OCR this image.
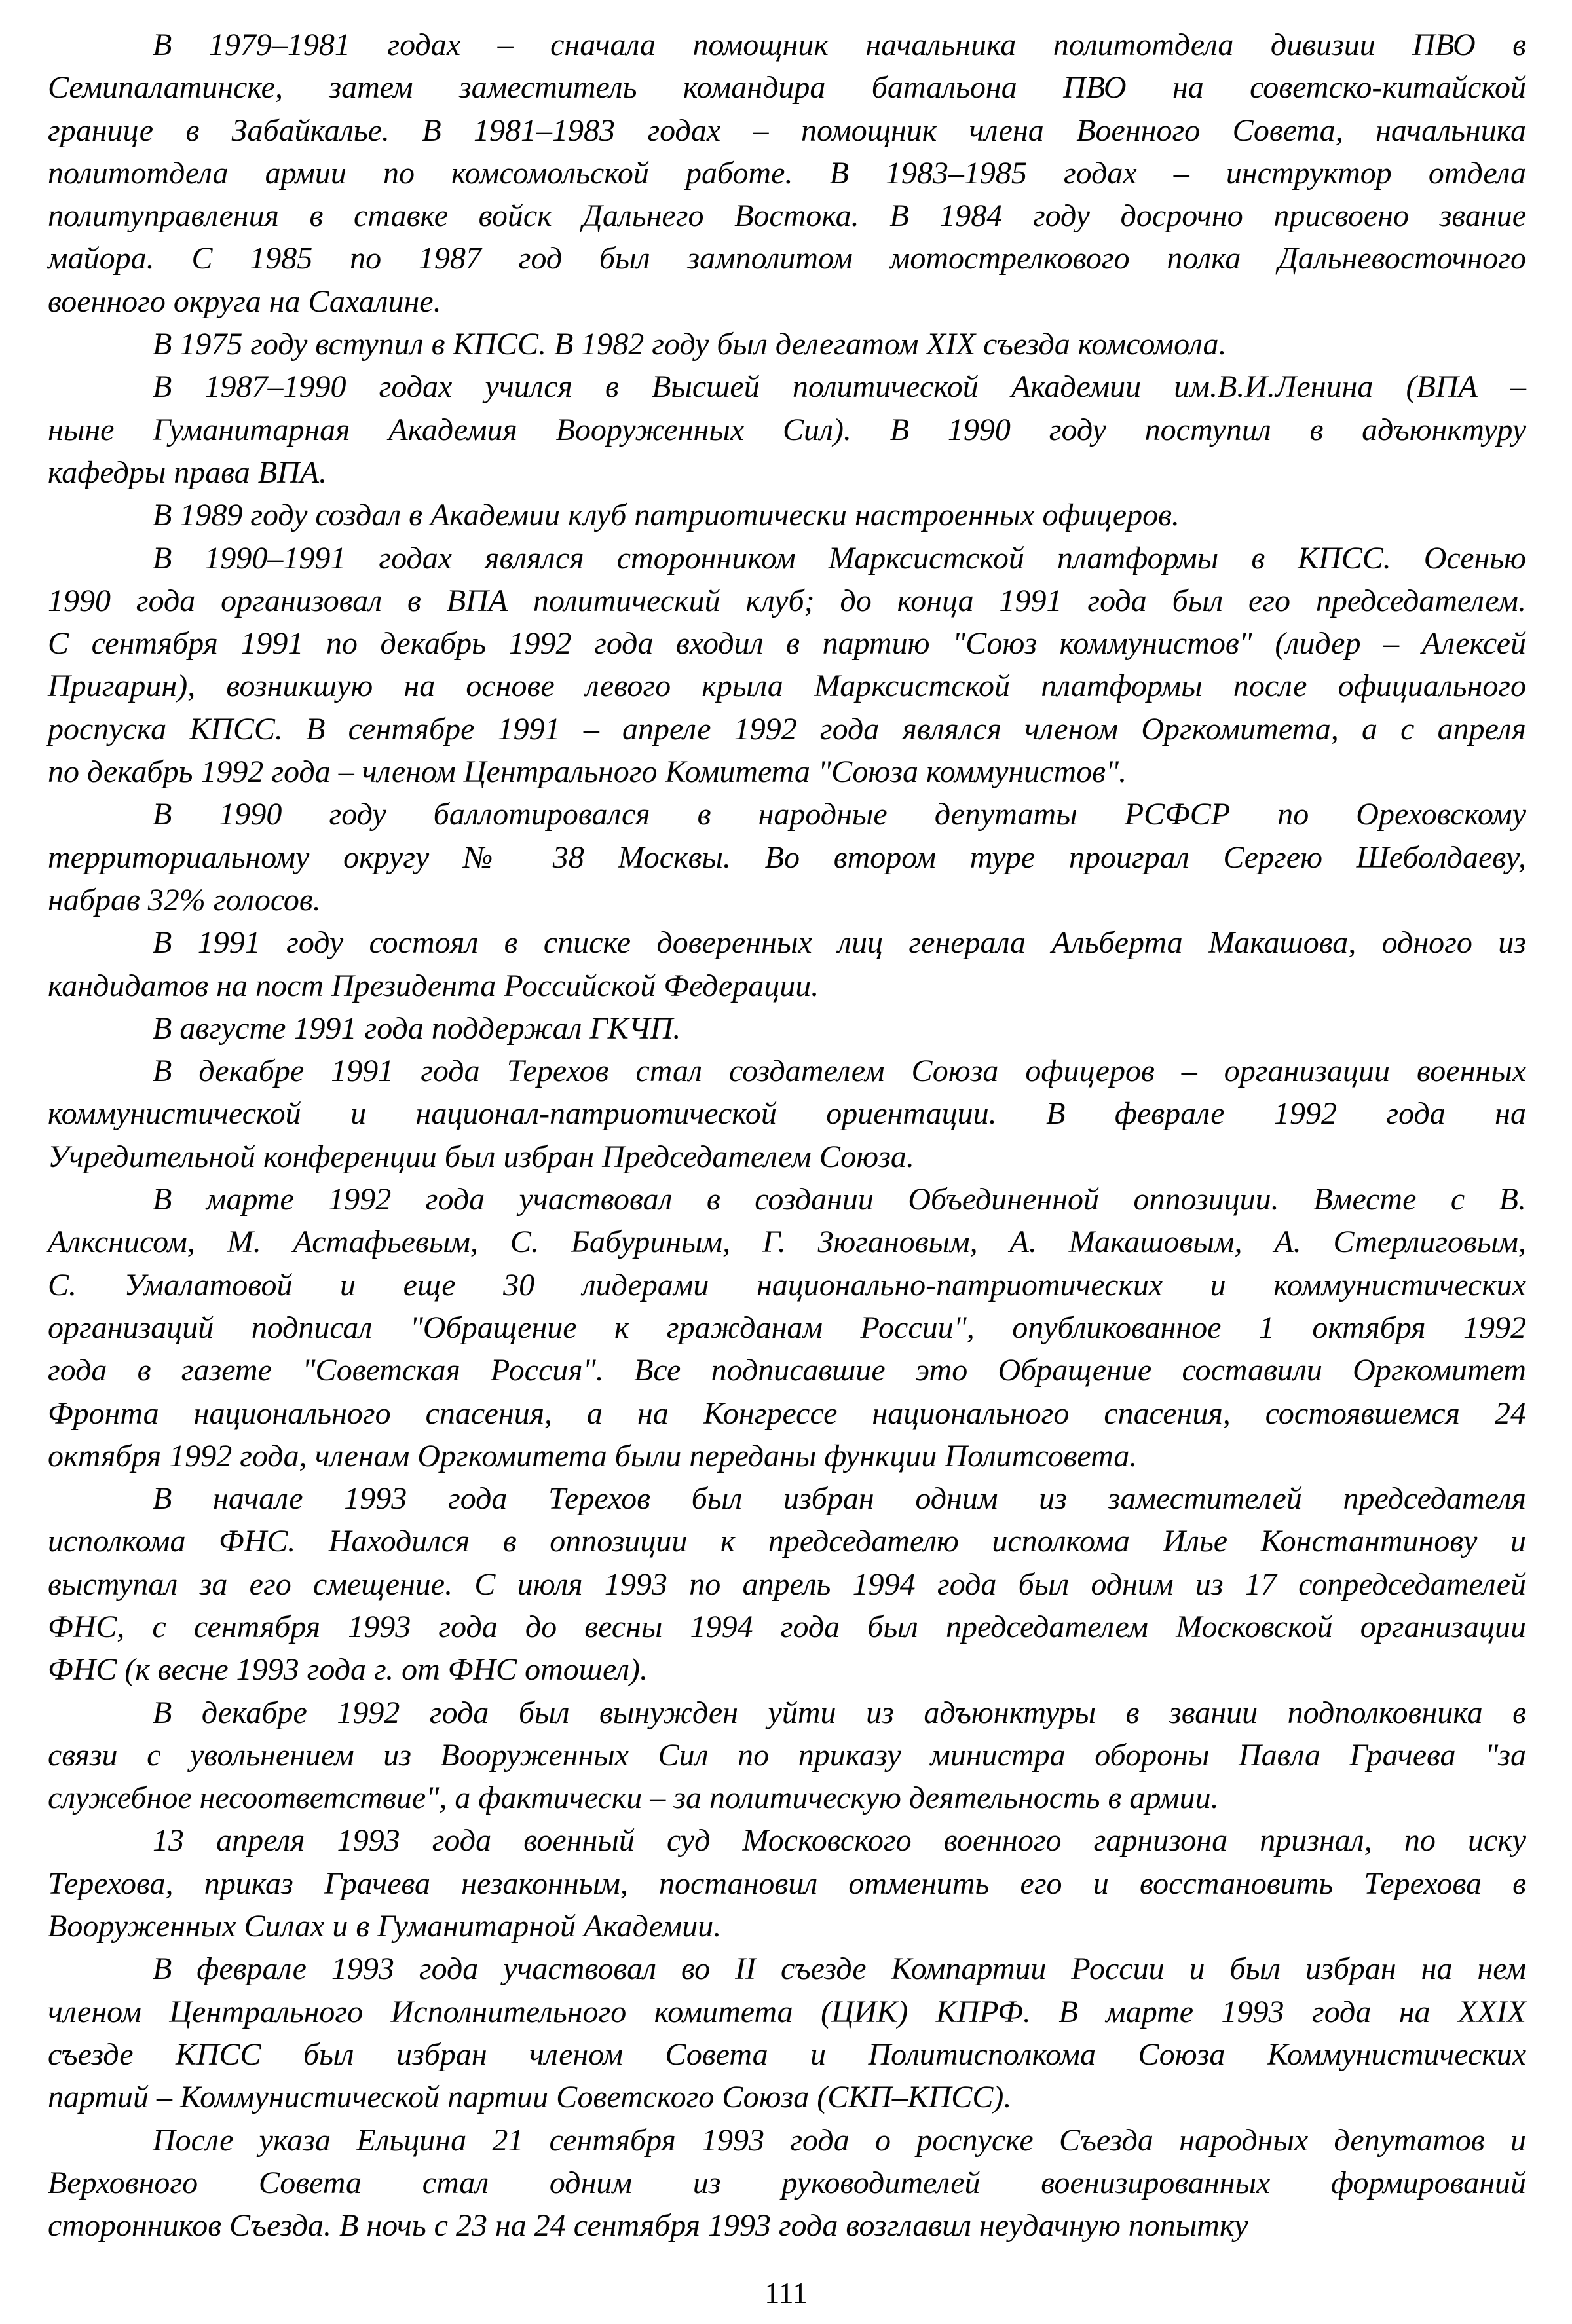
В 1979–1981 годах – сначала помощник начальника политотдела дивизии ПВО в
Семипалатинске, затем заместитель командира батальона ПВО на советско-китайской
границе в Забайкалье. В 1981–1983 годах – помощник члена Военного Совета, начальника
политотдела армии по комсомольской работе. В 1983–1985 годах – инструктор отдела
политуправления в ставке войск Дальнего Востока. В 1984 году досрочно присвоено звание
майора. С 1985 по 1987 год был замполитом мотострелкового полка Дальневосточного
военного округа на Сахалине.
В 1975 году вступил в КПСС. В 1982 году был делегатом XIX съезда комсомола.
В 1987–1990 годах учился в Высшей политической Академии им.В.И.Ленина (ВПА –
ныне Гуманитарная Академия Вооруженных Сил). В 1990 году поступил в адъюнктуру
кафедры права ВПА.
В 1989 году создал в Академии клуб патриотически настроенных офицеров.
В 1990–1991 годах являлся сторонником Марксистской платформы в КПСС. Осенью
1990 года организовал в ВПА политический клуб; до конца 1991 года был его председателем.
С сентября 1991 по декабрь 1992 года входил в партию "Союз коммунистов" (лидер – Алексей
Пригарин), возникшую на основе левого крыла Марксистской платформы после официального
роспуска КПСС. В сентябре 1991 – апреле 1992 года являлся членом Оргкомитета, а с апреля
по декабрь 1992 года – членом Центрального Комитета "Союза коммунистов".
В 1990 году баллотировался в народные депутаты РСФСР по Ореховскому
территориальному округу № 38 Москвы. Во втором туре проиграл Сергею Шеболдаеву,
набрав 32% голосов.
В 1991 году состоял в списке доверенных лиц генерала Альберта Макашова, одного из
кандидатов на пост Президента Российской Федерации.
В августе 1991 года поддержал ГКЧП.
В декабре 1991 года Терехов стал создателем Союза офицеров – организации военных
коммунистической и национал-патриотической ориентации. В феврале 1992 года на
Учредительной конференции был избран Председателем Союза.
В марте 1992 года участвовал в создании Объединенной оппозиции. Вместе с В.
Алкснисом, М. Астафьевым, С. Бабуриным, Г. Зюгановым, А. Макашовым, А. Стерлиговым,
С. Умалатовой и еще 30 лидерами национально-патриотических и коммунистических
организаций подписал "Обращение к гражданам России", опубликованное 1 октября 1992
года в газете "Советская Россия". Все подписавшие это Обращение составили Оргкомитет
Фронта национального спасения, а на Конгрессе национального спасения, состоявшемся 24
октября 1992 года, членам Оргкомитета были переданы функции Политсовета.
В начале 1993 года Терехов был избран одним из заместителей председателя
исполкома ФНС. Находился в оппозиции к председателю исполкома Илье Константинову и
выступал за его смещение. С июля 1993 по апрель 1994 года был одним из 17 сопредседателей
ФНС, с сентября 1993 года до весны 1994 года был председателем Московской организации
ФНС (к весне 1993 года г. от ФНС отошел).
В декабре 1992 года был вынужден уйти из адъюнктуры в звании подполковника в
связи с увольнением из Вооруженных Сил по приказу министра обороны Павла Грачева "за
служебное несоответствие", а фактически – за политическую деятельность в армии.
13 апреля 1993 года военный суд Московского военного гарнизона признал, по иску
Терехова, приказ Грачева незаконным, постановил отменить его и восстановить Терехова в
Вооруженных Силах и в Гуманитарной Академии.
В феврале 1993 года участвовал во II съезде Компартии России и был избран на нем
членом Центрального Исполнительного комитета (ЦИК) КПРФ. В марте 1993 года на XXIX
съезде КПСС был избран членом Совета и Политисполкома Союза Коммунистических
партий – Коммунистической партии Советского Союза (СКП–КПСС).
После указа Ельцина 21 сентября 1993 года о роспуске Съезда народных депутатов и
Верховного Совета стал одним из руководителей военизированных формирований
сторонников Съезда. В ночь с 23 на 24 сентября 1993 года возглавил неудачную попытку
111
